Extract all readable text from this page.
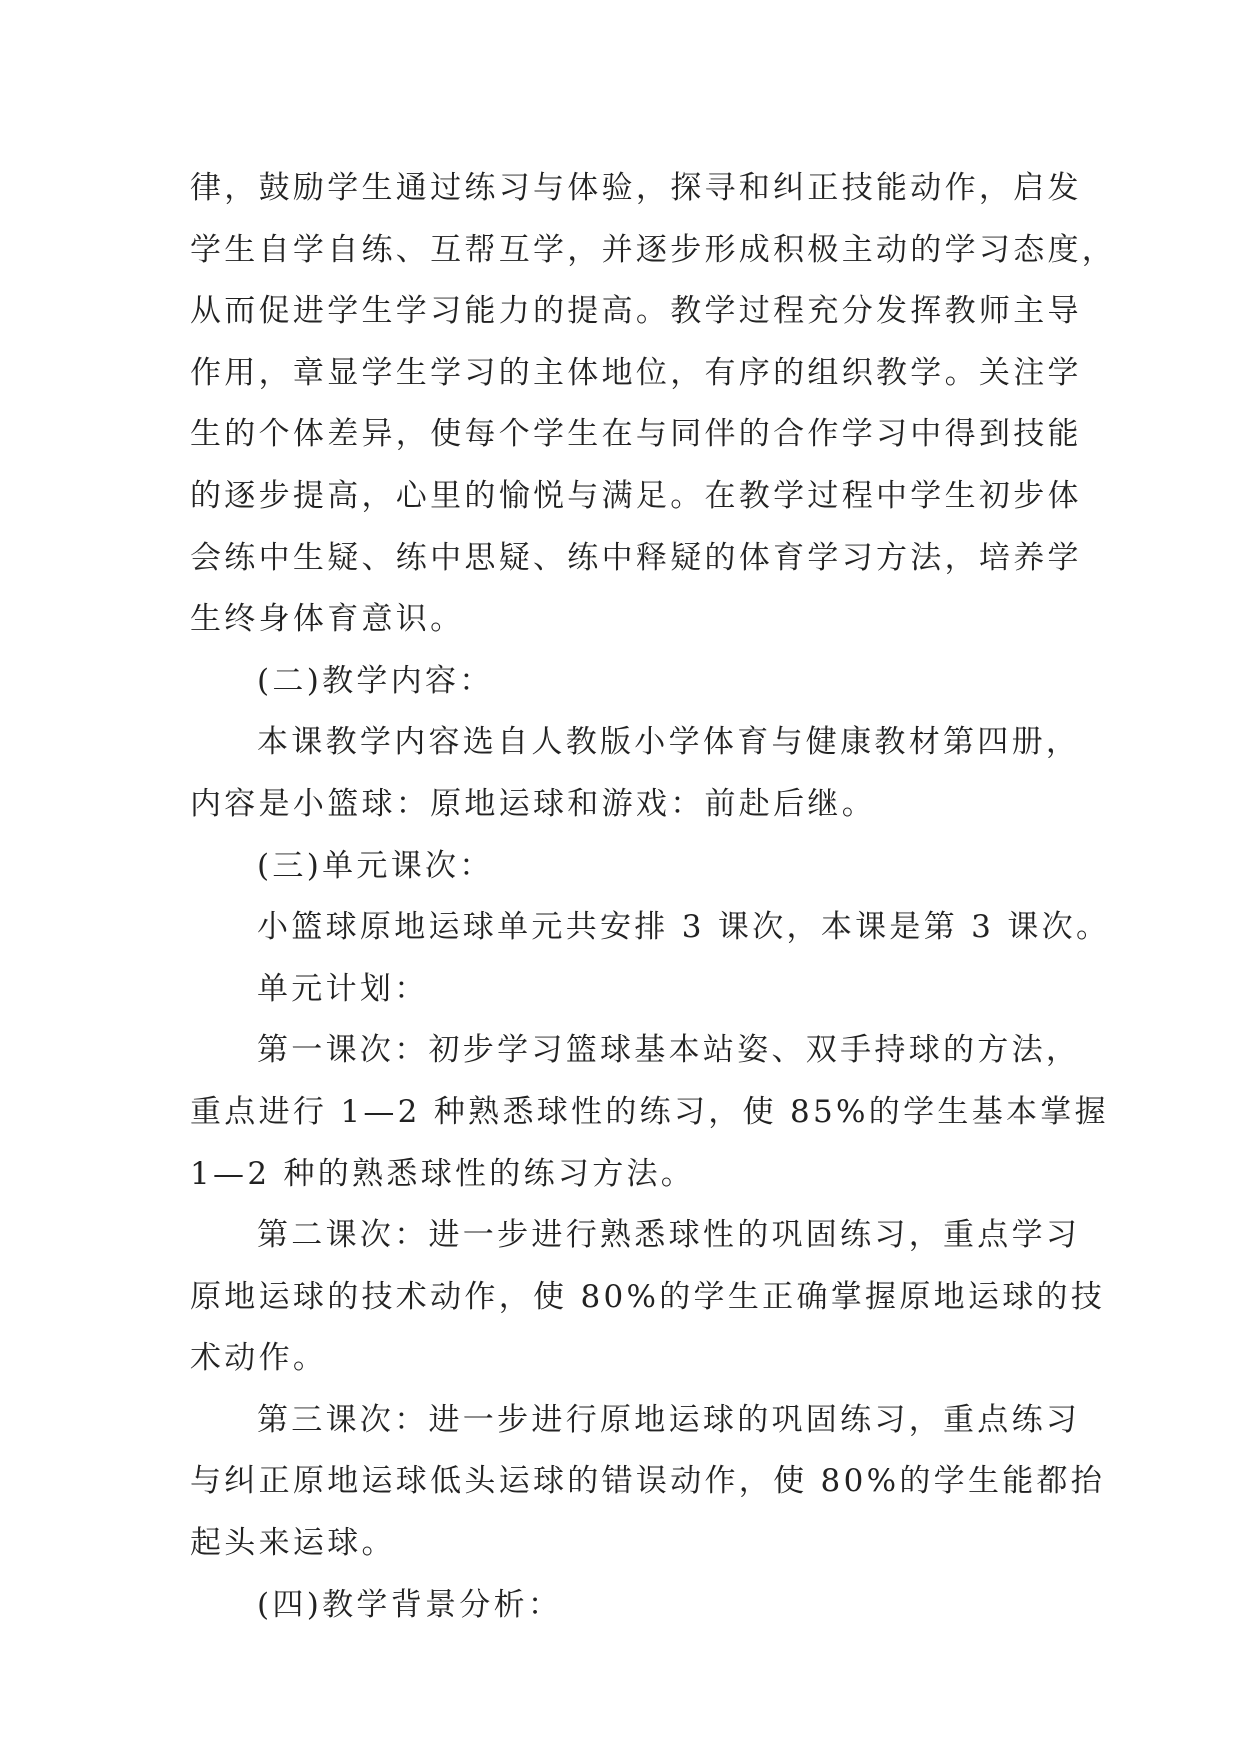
律，鼓励学生通过练习与体验，探寻和纠正技能动作，启发
学生自学自练、互帮互学，并逐步形成积极主动的学习态度，
从而促进学生学习能力的提高。教学过程充分发挥教师主导
作用，章显学生学习的主体地位，有序的组织教学。关注学
生的个体差异，使每个学生在与同伴的合作学习中得到技能
的逐步提高，心里的愉悦与满足。在教学过程中学生初步体
会练中生疑、练中思疑、练中释疑的体育学习方法，培养学
生终身体育意识。

(二)教学内容：

本课教学内容选自人教版小学体育与健康教材第四册，
内容是小篮球：原地运球和游戏：前赴后继。

(三)单元课次：

小篮球原地运球单元共安排 3 课次，本课是第 3 课次。

单元计划：

第一课次：初步学习篮球基本站姿、双手持球的方法，
重点进行 1—2 种熟悉球性的练习，使 85%的学生基本掌握
1—2 种的熟悉球性的练习方法。

第二课次：进一步进行熟悉球性的巩固练习，重点学习
原地运球的技术动作，使 80%的学生正确掌握原地运球的技
术动作。

第三课次：进一步进行原地运球的巩固练习，重点练习
与纠正原地运球低头运球的错误动作，使 80%的学生能都抬
起头来运球。

(四)教学背景分析：
